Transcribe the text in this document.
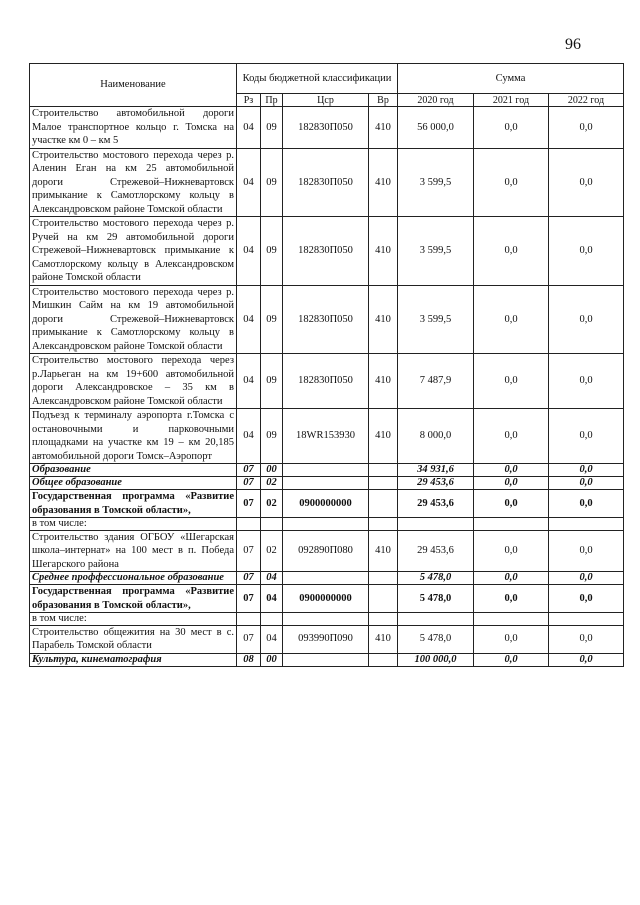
96
Наименование	Коды бюджетной классификации				Сумма		
	Рз	Пр	Цср	Вр	2020 год	2021 год	2022 год
Строительство автомобильной дороги Малое транспортное кольцо г. Томска на участке км 0 – км 5	04	09	182830П050	410	56 000,0	0,0	0,0
Строительство мостового перехода через р. Аленин Еган на км 25 автомобильной дороги Стрежевой–Нижневартовск примыкание к Самотлорскому кольцу в Александровском районе Томской области	04	09	182830П050	410	3 599,5	0,0	0,0
Строительство мостового перехода через р. Ручей на км 29 автомобильной дороги Стрежевой–Нижневартовск примыкание к Самотлорскому кольцу в Александровском районе Томской области	04	09	182830П050	410	3 599,5	0,0	0,0
Строительство мостового перехода через р. Мишкин Сайм на км 19 автомобильной дороги Стрежевой–Нижневартовск примыкание к Самотлорскому кольцу в Александровском районе Томской области	04	09	182830П050	410	3 599,5	0,0	0,0
Строительство мостового перехода через р.Ларьеган на км 19+600 автомобильной дороги Александровское – 35 км в Александровском районе Томской области	04	09	182830П050	410	7 487,9	0,0	0,0
Подъезд к терминалу аэропорта г.Томска с остановочными и парковочными площадками на участке км 19 – км 20,185 автомобильной дороги Томск–Аэропорт	04	09	18WR153930	410	8 000,0	0,0	0,0
Образование	07	00			34 931,6	0,0	0,0
Общее образование	07	02			29 453,6	0,0	0,0
Государственная программа «Развитие образования в Томской области»,	07	02	0900000000		29 453,6	0,0	0,0
в том числе:							
Строительство здания ОГБОУ «Шегарская школа–интернат» на 100 мест в п. Победа Шегарского района	07	02	092890П080	410	29 453,6	0,0	0,0
Среднее проффессиональное образование	07	04			5 478,0	0,0	0,0
Государственная программа «Развитие образования в Томской области»,	07	04	0900000000		5 478,0	0,0	0,0
в том числе:							
Строительство общежития на 30 мест в с. Парабель Томской области	07	04	093990П090	410	5 478,0	0,0	0,0
Культура, кинематография	08	00			100 000,0	0,0	0,0
